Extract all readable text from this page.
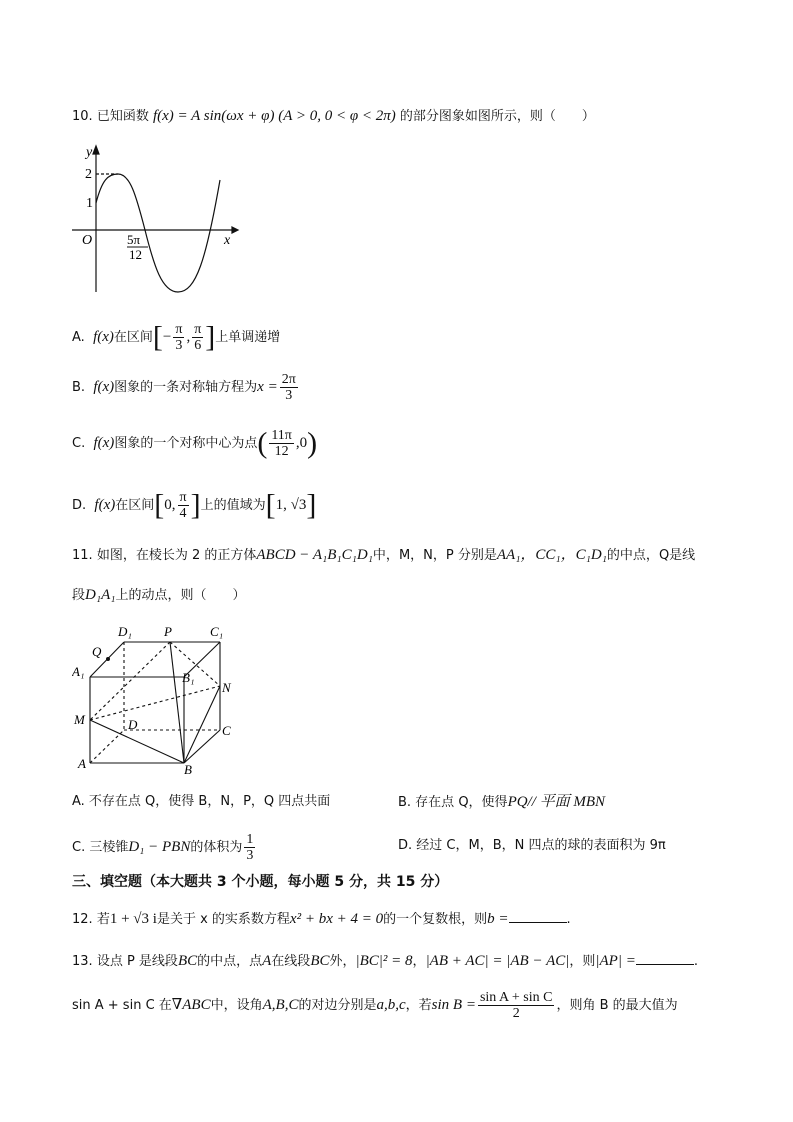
10. 已知函数 f(x) = A sin(ωx + φ) (A > 0, 0 < φ < 2π) 的部分图象如图所示，则（　　）
y
x
O
2
1
5π
12
A. f(x)在区间[− $\frac{\pi}{3}$ , $\frac{\pi}{6}$ ]上单调递增
B. f(x)图象的一条对称轴方程为$x = \frac{2\pi}{3}$
C. f(x)图象的一个对称中心为点( $\frac{11\pi}{12} ,0$)
D. f(x)在区间[0, $\frac{\pi}{4}$ ]上的值域为[1, √3]
11. 如图，在棱长为 2 的正方体ABCD − A₁B₁C₁D₁中，M，N，P 分别是AA₁，CC₁，C₁D₁的中点，Q是线
段D₁A₁上的动点，则（　　）
D₁ P	C₁
Q
A₁	B₁
N
M	D	C
A	B
A. 不存在点 Q，使得 B，N，P，Q 四点共面	B. 存在点 Q，使得PQ// 平面 MBN
C. 三棱锥D₁ − PBN的体积为 $\frac{1}{3}$	D. 经过 C，M，B，N 四点的球的表面积为 9π
三、填空题（本大题共 3 个小题，每小题 5 分，共 15 分）
12. 若1 + √3 i是关于 x 的实系数方程x² + bx + 4 = 0的一个复数根，则b =	.
13. 设点 P 是线段BC的中点，点A在线段BC外，|BC|² = 8，|AB + AC| = |AB − AC|，则|AP| =	.
sin A + sin C 在∇ABC中，设角A,B,C的对边分别是a,b,c，若$\sin B = \frac{\text{sin A + sin C}}{2}$ ，则角 B 的最大值为
